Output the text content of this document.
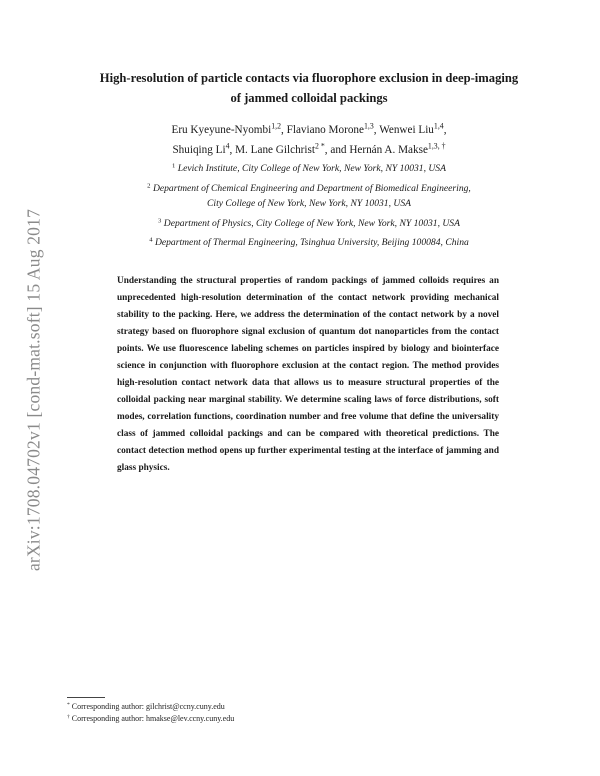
arXiv:1708.04702v1 [cond-mat.soft] 15 Aug 2017
High-resolution of particle contacts via fluorophore exclusion in deep-imaging
of jammed colloidal packings
Eru Kyeyune-Nyombi$^{1,2}$, Flaviano Morone$^{1,3}$, Wenwei Liu$^{1,4}$,
Shuiqing Li$^4$, M. Lane Gilchrist$^{2 *}$, and Hernán A. Makse$^{1,3, \dagger}$
$^1$ Levich Institute, City College of New York, New York, NY 10031, USA
$^2$ Department of Chemical Engineering and Department of Biomedical Engineering,
City College of New York, New York, NY 10031, USA
$^3$ Department of Physics, City College of New York, New York, NY 10031, USA
$^4$ Department of Thermal Engineering, Tsinghua University, Beijing 100084, China

Understanding the structural properties of random packings of jammed colloids requires an unprecedented high-resolution determination of the contact network providing mechanical stability to the packing. Here, we address the determination of the contact network by a novel strategy based on fluorophore signal exclusion of quantum dot nanoparticles from the contact points. We use fluorescence labeling schemes on particles inspired by biology and biointerface science in conjunction with fluorophore exclusion at the contact region. The method provides high-resolution contact network data that allows us to measure structural properties of the colloidal packing near marginal stability. We determine scaling laws of force distributions, soft modes, correlation functions, coordination number and free volume that define the universality class of jammed colloidal packings and can be compared with theoretical predictions. The contact detection method opens up further experimental testing at the interface of jamming and glass physics.

* Corresponding author: gilchrist@ccny.cuny.edu
† Corresponding author: hmakse@lev.ccny.cuny.edu
